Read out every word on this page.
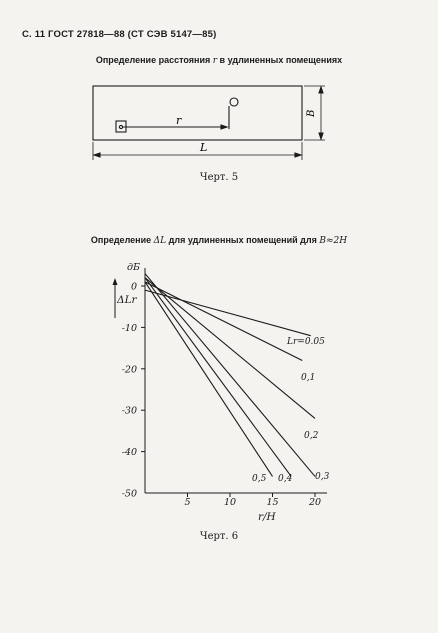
С. 11 ГОСТ 27818—88 (СТ СЭВ 5147—85)
Определение расстояния r в удлиненных помещениях
r
B
L
0
-10
-20
-30
-40
-50
5	10	15	20
дБ
ΔLr
r/H
Lr=0.05
0,1
0,2
0,3
0,4
0,5
Черт. 5
Определение ΔL для удлиненных помещений для B≈2H
Черт. 6
